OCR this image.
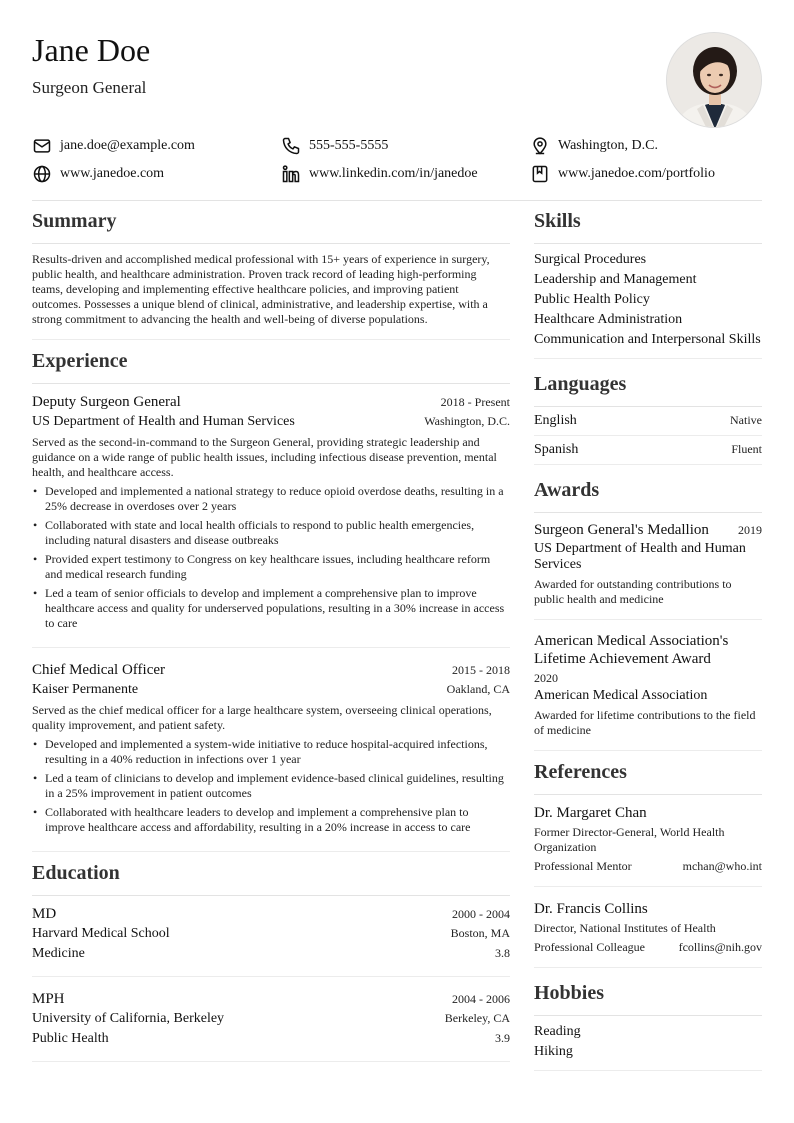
Jane Doe
Surgeon General
jane.doe@example.com	555-555-5555	Washington, D.C.
www.janedoe.com	www.linkedin.com/in/janedoe	www.janedoe.com/portfolio
Summary

Results-driven and accomplished medical professional with 15+ years of experience in surgery, public health, and healthcare administration. Proven track record of leading high-performing teams, developing and implementing effective healthcare policies, and improving patient outcomes. Possesses a unique blend of clinical, administrative, and leadership expertise, with a strong commitment to advancing the health and well-being of diverse populations.

Experience
Deputy Surgeon General	2018 - Present
US Department of Health and Human Services	Washington, D.C.

Served as the second-in-command to the Surgeon General, providing strategic leadership and guidance on a wide range of public health issues, including infectious disease prevention, mental health, and healthcare access.

• Developed and implemented a national strategy to reduce opioid overdose deaths, resulting in a 25% decrease in overdoses over 2 years
• Collaborated with state and local health officials to respond to public health emergencies, including natural disasters and disease outbreaks
• Provided expert testimony to Congress on key healthcare issues, including healthcare reform and medical research funding
• Led a team of senior officials to develop and implement a comprehensive plan to improve healthcare access and quality for underserved populations, resulting in a 30% increase in access to care
Chief Medical Officer	2015 - 2018
Kaiser Permanente	Oakland, CA

Served as the chief medical officer for a large healthcare system, overseeing clinical operations, quality improvement, and patient safety.

• Developed and implemented a system-wide initiative to reduce hospital-acquired infections, resulting in a 40% reduction in infections over 1 year
• Led a team of clinicians to develop and implement evidence-based clinical guidelines, resulting in a 25% improvement in patient outcomes
• Collaborated with healthcare leaders to develop and implement a comprehensive plan to improve healthcare access and affordability, resulting in a 20% increase in access to care
Education
MD	2000 - 2004
Harvard Medical School	Boston, MA
Medicine	3.8
MPH	2004 - 2006
University of California, Berkeley	Berkeley, CA
Public Health	3.9
Skills
Surgical Procedures
Leadership and Management
Public Health Policy
Healthcare Administration
Communication and Interpersonal Skills
Languages
English	Native
Spanish	Fluent
Awards
Surgeon General's Medallion 2019
US Department of Health and Human Services
Awarded for outstanding contributions to public health and medicine
American Medical Association's Lifetime Achievement Award
2020
American Medical Association
Awarded for lifetime contributions to the field of medicine
References
Dr. Margaret Chan
Former Director-General, World Health Organization
Professional Mentor	mchan@who.int
Dr. Francis Collins
Director, National Institutes of Health
Professional Colleague	fcollins@nih.gov
Hobbies
Reading
Hiking
